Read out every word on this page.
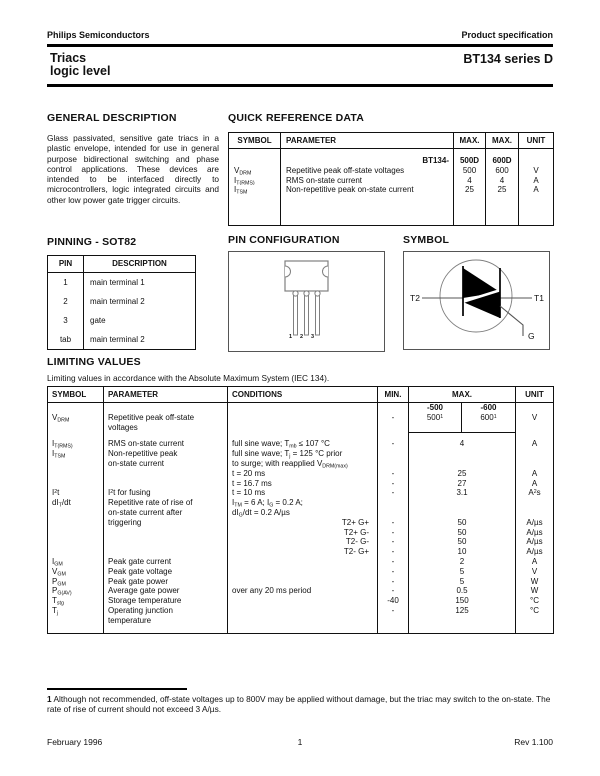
Philips Semiconductors	Product specification
Triacs
logic level
BT134 series D
GENERAL DESCRIPTION

Glass passivated, sensitive gate triacs in a plastic envelope, intended for use in general purpose bidirectional switching and phase control applications. These devices are intended to be interfaced directly to microcontrollers, logic integrated circuits and other low power gate trigger circuits.

QUICK REFERENCE DATA
SYMBOL	PARAMETER	MAX.	MAX.	UNIT
	BT134-	500D	600D	
$V_{DRM}$	Repetitive peak off-state voltages	500	600	V
$I_{T(RMS)}$	RMS on-state current	4	4	A
$I_{TSM}$	Non-repetitive peak on-state current	25	25	A

PINNING - SOT82
PIN	DESCRIPTION
1	main terminal 1
2	main terminal 2
3	gate
tab	main terminal 2
PIN CONFIGURATION
1 2 3
SYMBOL
T2	T1
G
LIMITING VALUES
Limiting values in accordance with the Absolute Maximum System (IEC 134).
SYMBOL	PARAMETER	CONDITIONS	MIN.	MAX.		UNIT
				-500	-600	
$V_{DRM}$	Repetitive peak off-state		-	$500^1$	$600^1$	V
	voltages					
$I_{T(RMS)}$	RMS on-state current	full sine wave; $T_{mb} \le 107$ °C	-	4		A
$I_{TSM}$	Non-repetitive peak	full sine wave; $T_j = 125$ °C prior				
	on-state current	to surge; with reapplied $V_{DRM(max)}$			
		t = 20 ms	-	25		A
		t = 16.7 ms	-	27		A
$I^2t$	$I^2t$ for fusing	t = 10 ms	-	3.1		$A^2s$
$dI_T/dt$	Repetitive rate of rise of	$I_{TM} = 6$ A; $I_G = 0.2$ A;				
	on-state current after	$dI_G/dt = 0.2$ A/µs				
	triggering	T2+ G+	-	50		A/µs
		T2+ G-	-	50		A/µs
		T2- G-	-	50		A/µs
		T2- G+	-	10		A/µs
$I_{GM}$	Peak gate current		-	2		A
$V_{GM}$	Peak gate voltage		-	5		V
$P_{GM}$	Peak gate power		-	5		W
$P_{G(AV)}$	Average gate power	over any 20 ms period	-	0.5		W
$T_{stg}$	Storage temperature		-40	150		°C
$T_j$	Operating junction		-	125		°C
	temperature					

1 Although not recommended, off-state voltages up to 800V may be applied without damage, but the triac may switch to the on-state. The rate of rise of current should not exceed 3 A/µs.

February 1996	1	Rev 1.100
